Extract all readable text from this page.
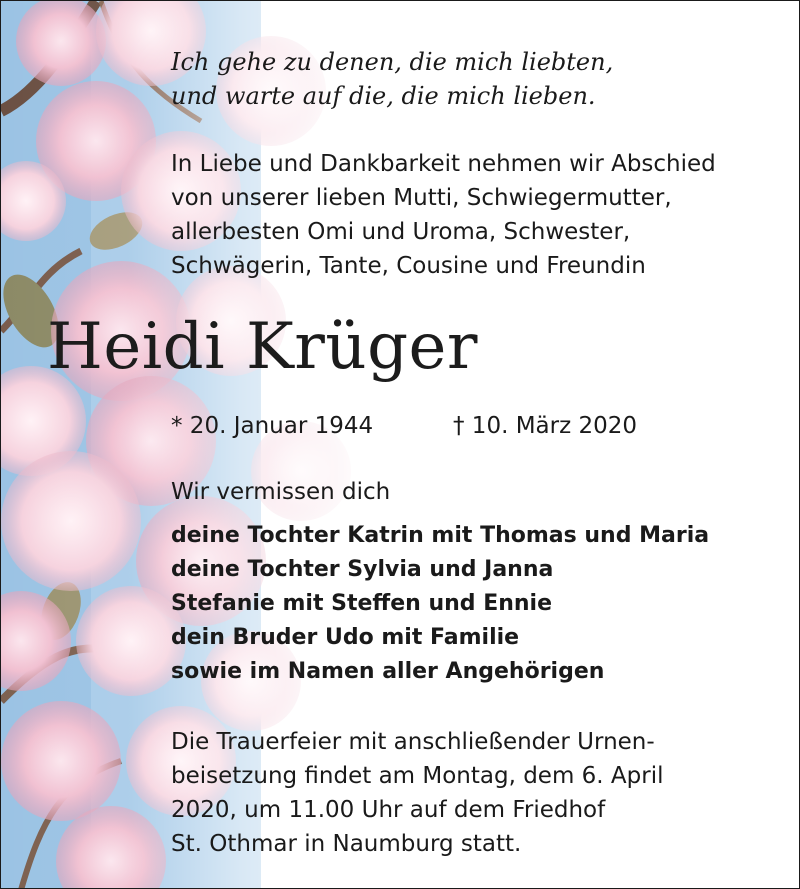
Ich gehe zu denen, die mich liebten,
und warte auf die, die mich lieben.
In Liebe und Dankbarkeit nehmen wir Abschied
von unserer lieben Mutti, Schwiegermutter,
allerbesten Omi und Uroma, Schwester,
Schwägerin, Tante, Cousine und Freundin
Heidi Krüger
* 20. Januar 1944	† 10. März 2020
Wir vermissen dich
deine Tochter Katrin mit Thomas und Maria
deine Tochter Sylvia und Janna
Stefanie mit Steffen und Ennie
dein Bruder Udo mit Familie
sowie im Namen aller Angehörigen
Die Trauerfeier mit anschließender Urnen-
beisetzung findet am Montag, dem 6. April
2020, um 11.00 Uhr auf dem Friedhof
St. Othmar in Naumburg statt.
